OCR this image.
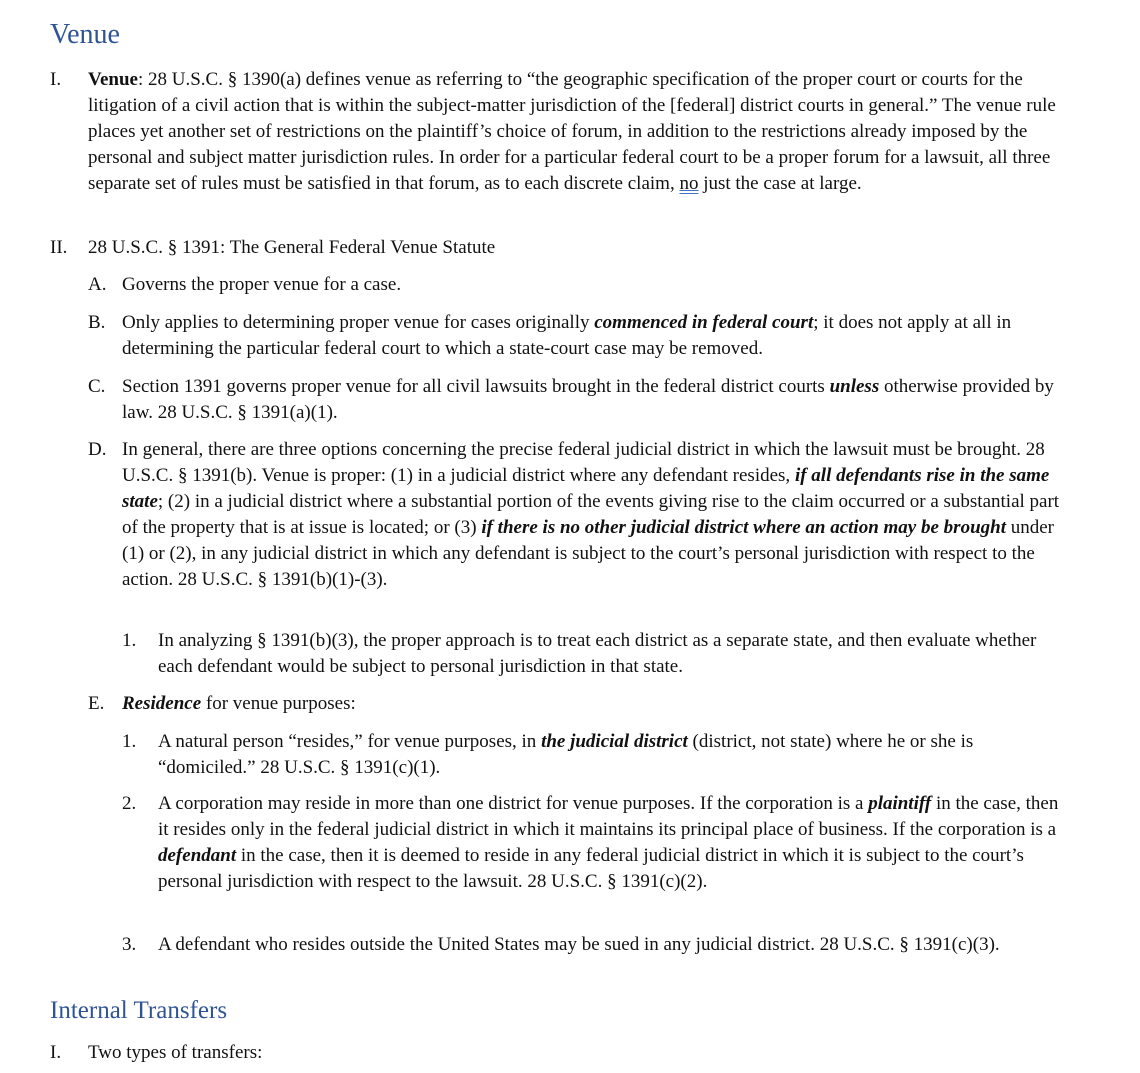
Venue
I.	Venue: 28 U.S.C. § 1390(a) defines venue as referring to “the geographic specification of the proper court or courts for the litigation of a civil action that is within the subject-matter jurisdiction of the [federal] district courts in general.” The venue rule places yet another set of restrictions on the plaintiff’s choice of forum, in addition to the restrictions already imposed by the personal and subject matter jurisdiction rules. In order for a particular federal court to be a proper forum for a lawsuit, all three separate set of rules must be satisfied in that forum, as to each discrete claim, no just the case at large.
II.	28 U.S.C. § 1391: The General Federal Venue Statute
A. Governs the proper venue for a case.
B. Only applies to determining proper venue for cases originally commenced in federal court; it does not apply at all in determining the particular federal court to which a state-court case may be removed.
C. Section 1391 governs proper venue for all civil lawsuits brought in the federal district courts unless otherwise provided by law. 28 U.S.C. § 1391(a)(1).
D. In general, there are three options concerning the precise federal judicial district in which the lawsuit must be brought. 28 U.S.C. § 1391(b). Venue is proper: (1) in a judicial district where any defendant resides, if all defendants rise in the same state; (2) in a judicial district where a substantial portion of the events giving rise to the claim occurred or a substantial part of the property that is at issue is located; or (3) if there is no other judicial district where an action may be brought under (1) or (2), in any judicial district in which any defendant is subject to the court’s personal jurisdiction with respect to the action. 28 U.S.C. § 1391(b)(1)-(3).
1.	In analyzing § 1391(b)(3), the proper approach is to treat each district as a separate state, and then evaluate whether each defendant would be subject to personal jurisdiction in that state.
E. Residence for venue purposes:
1.	A natural person “resides,” for venue purposes, in the judicial district (district, not state) where he or she is “domiciled.” 28 U.S.C. § 1391(c)(1).
2.	A corporation may reside in more than one district for venue purposes. If the corporation is a plaintiff in the case, then it resides only in the federal judicial district in which it maintains its principal place of business. If the corporation is a defendant in the case, then it is deemed to reside in any federal judicial district in which it is subject to the court’s personal jurisdiction with respect to the lawsuit. 28 U.S.C. § 1391(c)(2).
3.	A defendant who resides outside the United States may be sued in any judicial district. 28 U.S.C. § 1391(c)(3).
Internal Transfers
I.	Two types of transfers:
